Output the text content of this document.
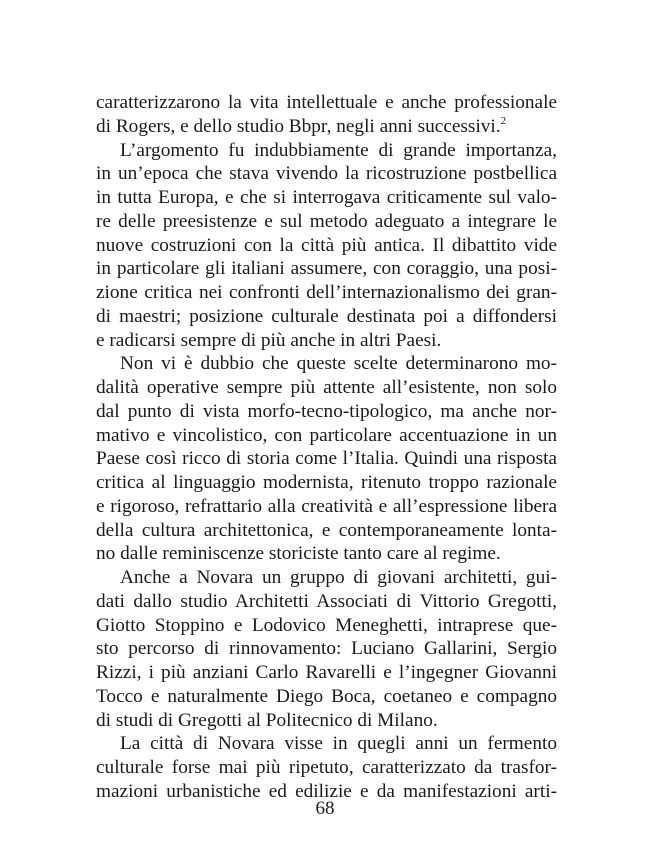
caratterizzarono la vita intellettuale e anche professionale
di Rogers, e dello studio Bbpr, negli anni successivi.$^2$
L’argomento fu indubbiamente di grande importanza,
in un’epoca che stava vivendo la ricostruzione postbellica
in tutta Europa, e che si interrogava criticamente sul valo-
re delle preesistenze e sul metodo adeguato a integrare le
nuove costruzioni con la città più antica. Il dibattito vide
in particolare gli italiani assumere, con coraggio, una posi-
zione critica nei confronti dell’internazionalismo dei gran-
di maestri; posizione culturale destinata poi a diffondersi
e radicarsi sempre di più anche in altri Paesi.
Non vi è dubbio che queste scelte determinarono mo-
dalità operative sempre più attente all’esistente, non solo
dal punto di vista morfo-tecno-tipologico, ma anche nor-
mativo e vincolistico, con particolare accentuazione in un
Paese così ricco di storia come l’Italia. Quindi una risposta
critica al linguaggio modernista, ritenuto troppo razionale
e rigoroso, refrattario alla creatività e all’espressione libera
della cultura architettonica, e contemporaneamente lonta-
no dalle reminiscenze storiciste tanto care al regime.
Anche a Novara un gruppo di giovani architetti, gui-
dati dallo studio Architetti Associati di Vittorio Gregotti,
Giotto Stoppino e Lodovico Meneghetti, intraprese que-
sto percorso di rinnovamento: Luciano Gallarini, Sergio
Rizzi, i più anziani Carlo Ravarelli e l’ingegner Giovanni
Tocco e naturalmente Diego Boca, coetaneo e compagno
di studi di Gregotti al Politecnico di Milano.
La città di Novara visse in quegli anni un fermento
culturale forse mai più ripetuto, caratterizzato da trasfor-
mazioni urbanistiche ed edilizie e da manifestazioni arti-
68
